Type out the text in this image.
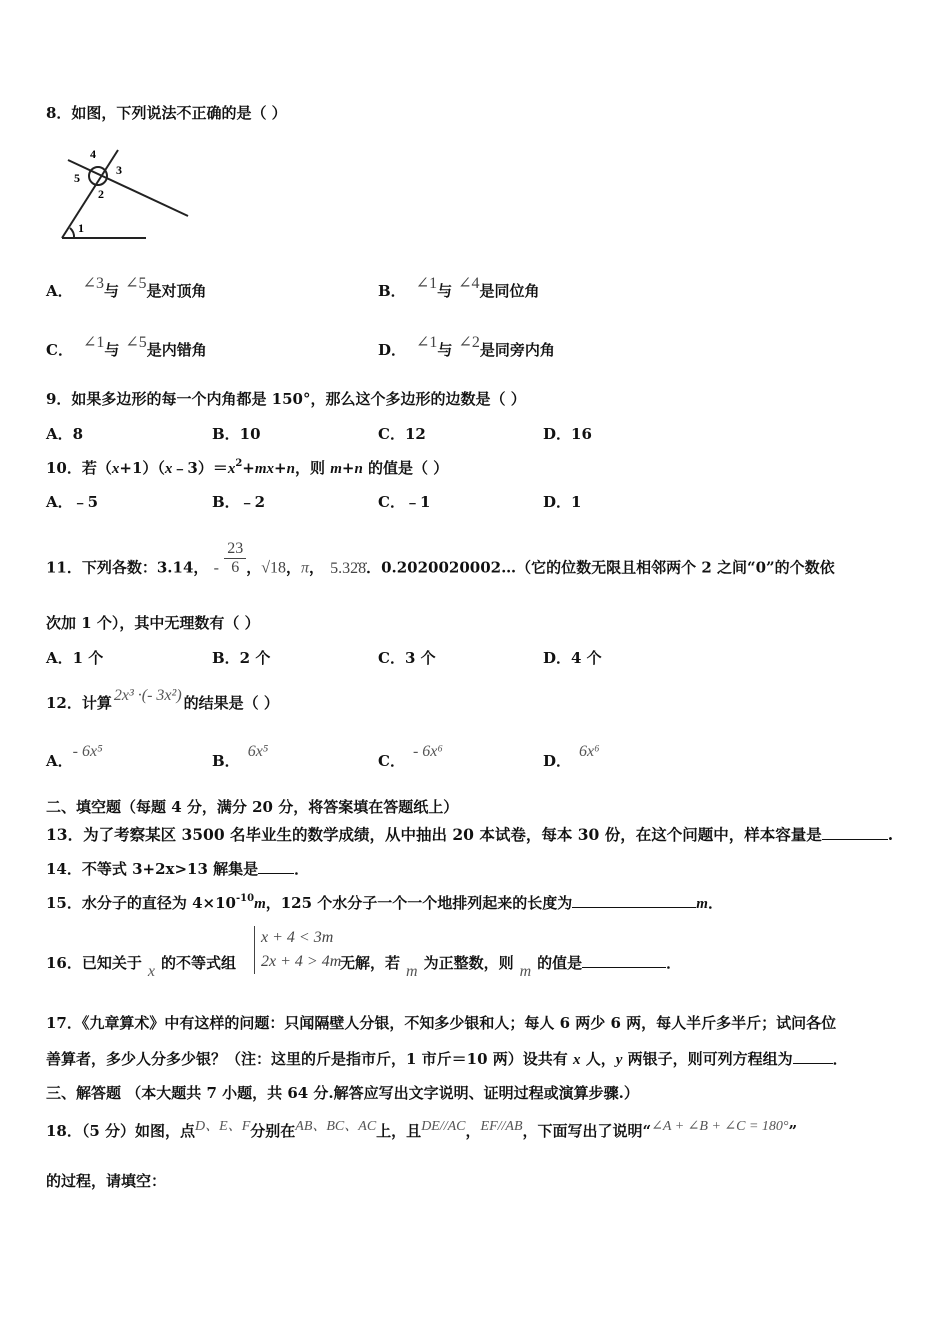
8．如图，下列说法不正确的是（ ）
4
5
3
2
1
A． ∠3与 ∠5是对顶角	B． ∠1与 ∠4是同位角
C． ∠1与 ∠5是内错角	D． ∠1与 ∠2是同旁内角
9．如果多边形的每一个内角都是 150°，那么这个多边形的边数是（ ）
A．8	B．10	C．12	D．16
10．若$(x+1)(x﹣3)=x^2+mx+n$，则 m+n 的值是（ ）
A．﹣5	B．﹣2	C．﹣1	D．1
11．下列各数：3.14， - $\frac{23}{6}$ ，√18，π， 5.32̇8̇．0.2020020002…（它的位数无限且相邻两个 2 之间“0”的个数依
次加 1 个），其中无理数有（ ）
A．1 个	B．2 个	C．3 个	D．4 个
12．计算 2x³ ·(- 3x²) 的结果是（ ）
A．- 6x⁵
B．6x⁵
C．- 6x⁶
D．6x⁶
二、填空题（每题 4 分，满分 20 分，将答案填在答题纸上）
13．为了考察某区 3500 名毕业生的数学成绩，从中抽出 20 本试卷，每本 30 份，在这个问题中，样本容量是	.
14．不等式 3+2x>13 解集是 ．
15．水分子的直径为 $4\times 10^{-10}m$，125 个水分子一个一个地排列起来的长度为	m．
16．已知关于 x 的不等式组	无解，若 m 为正整数，则 m 的值是	．
x + 4 < 3m
2x + 4 > 4m
17．《九章算术》中有这样的问题：只闻隔壁人分银，不知多少银和人；每人 6 两少 6 两，每人半斤多半斤；试问各位
善算者，多少人分多少银？（注：这里的斤是指市斤，1 市斤＝10 两）设共有 x 人，y 两银子，则可列方程组为	．
三、解答题 （本大题共 7 小题，共 64 分.解答应写出文字说明、证明过程或演算步骤.）
18．（5 分）如图，点D、E、F分别在AB、BC、AC上，且DE//AC，EF//AB，下面写出了说明“∠A + ∠B + ∠C = 180°”
的过程，请填空：
